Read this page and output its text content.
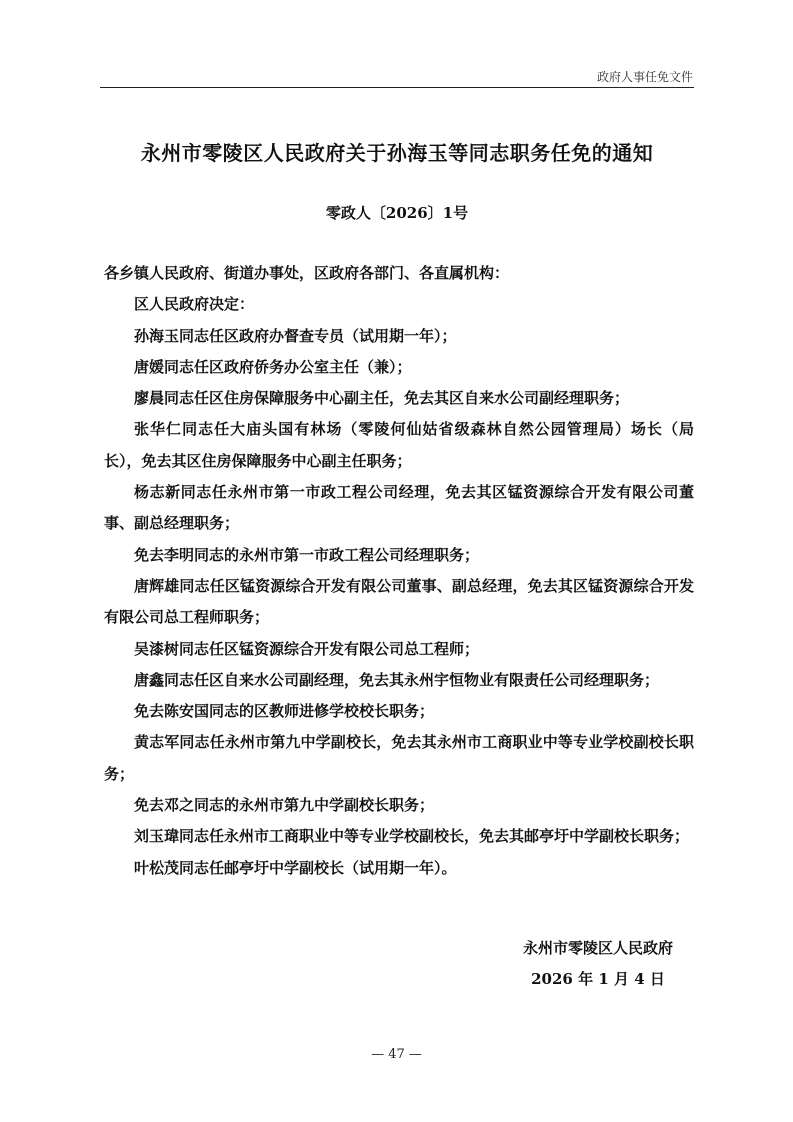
政府人事任免文件
永州市零陵区人民政府关于孙海玉等同志职务任免的通知
零政人〔2026〕1号

各乡镇人民政府、街道办事处，区政府各部门、各直属机构：

区人民政府决定：

孙海玉同志任区政府办督查专员（试用期一年）；

唐媛同志任区政府侨务办公室主任（兼）；

廖晨同志任区住房保障服务中心副主任，免去其区自来水公司副经理职务；

张华仁同志任大庙头国有林场（零陵何仙姑省级森林自然公园管理局）场长（局长），免去其区住房保障服务中心副主任职务；

杨志新同志任永州市第一市政工程公司经理，免去其区锰资源综合开发有限公司董事、副总经理职务；

免去李明同志的永州市第一市政工程公司经理职务；

唐辉雄同志任区锰资源综合开发有限公司董事、副总经理，免去其区锰资源综合开发有限公司总工程师职务；

吴漆树同志任区锰资源综合开发有限公司总工程师；

唐鑫同志任区自来水公司副经理，免去其永州宇恒物业有限责任公司经理职务；

免去陈安国同志的区教师进修学校校长职务；

黄志军同志任永州市第九中学副校长，免去其永州市工商职业中等专业学校副校长职务；

免去邓之同志的永州市第九中学副校长职务；

刘玉瑋同志任永州市工商职业中等专业学校副校长，免去其邮亭圩中学副校长职务；

叶松茂同志任邮亭圩中学副校长（试用期一年）。

永州市零陵区人民政府
2026 年 1 月 4 日
— 47 —
